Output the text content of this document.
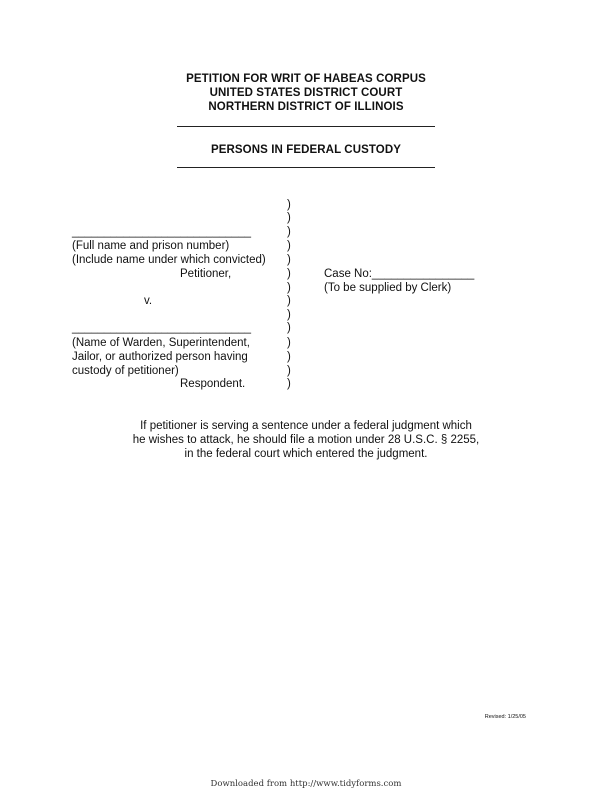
PETITION FOR WRIT OF HABEAS CORPUS
UNITED STATES DISTRICT COURT
NORTHERN DISTRICT OF ILLINOIS
PERSONS IN FEDERAL CUSTODY
____________________________
(Full name and prison number)
(Include name under which convicted)
Petitioner,
v.
____________________________
(Name of Warden, Superintendent,
Jailor, or authorized person having
custody of petitioner)
Respondent.
)
)
)
)
)
)
)
)
)
)
)
)
)
)
Case No:________________
(To be supplied by Clerk)
If petitioner is serving a sentence under a federal judgment which
he wishes to attack, he should file a motion under 28 U.S.C. § 2255,
in the federal court which entered the judgment.
Revised: 1/25/05
Downloaded from http://www.tidyforms.com
